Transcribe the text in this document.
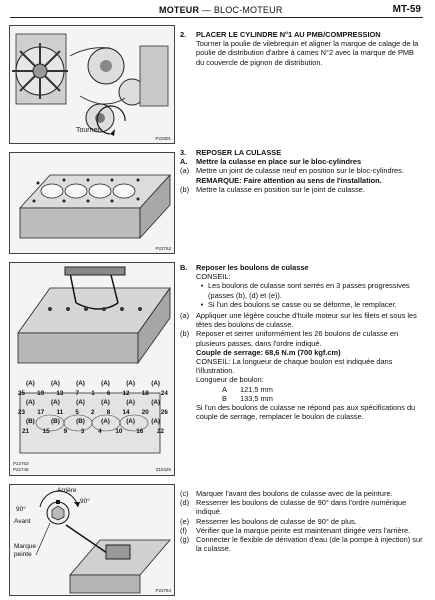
MOTEUR — BLOC-MOTEUR	MT-59
Tourner
P22801
P22762
(A)	(A)	(A)	(A)	(A)	(A)
25 19 13 7 1 6 12 18 24
(A)	(A)	(A)	(A)	(A)	(A)
23 17 11 5 2 8 14 20 26
(B)	(B)	(B)	(A)	(A)	(A)
21 15 9 3 4 10 16 22
P22763
P22748	Z15326
Arrière
90°
90°
Avant
Marque
peinte
P22764
2. PLACER LE CYLINDRE N°1 AU PMB/COMPRESSION
Tourner la poulie de vilebrequin et aligner la marque de calage de la poulie de distribution d'arbre à cames N°2 avec la marque de PMB du couvercle de pignon de distribution.
3. REPOSER LA CULASSE
A.	Mettre la culasse en place sur le bloc-cylindres
(a) Mettre un joint de culasse neuf en position sur le bloc-cylindres.
REMARQUE: Faire attention au sens de l'installation.
(b) Mettre la culasse en position sur le joint de culasse.
B.	Reposer les boulons de culasse
CONSEIL:
• Les boulons de culasse sont serrés en 3 passes progressives (passes (b), (d) et (e)).
• Si l'un des boulons se casse ou se déforme, le remplacer.
(a) Appliquer une légère couche d'huile moteur sur les filets et sous les têtes des boulons de culasse.
(b) Reposer et serrer uniformément les 26 boulons de culasse en plusieurs passes, dans l'ordre indiqué.
Couple de serrage: 68,6 N.m (700 kgf.cm)
CONSEIL: La longueur de chaque boulon est indiquée dans l'illustration.
Longueur de boulon:
A	121,5 mm
B	133,5 mm
Si l'un des boulons de culasse ne répond pas aux spécifications du couple de serrage, remplacer le boulon de culasse.
(c) Marquer l'avant des boulons de culasse avec de la peinture.
(d) Resserrer les boulons de culasse de 90° dans l'ordre numérique indiqué.
(e) Resserrer les boulons de culasse de 90° de plus.
(f)	Vérifier que la marque peinte est maintenant dirigée vers l'arrière.
(g) Connecter le flexible de dérivation d'eau (de la pompe à injection) sur la culasse.
